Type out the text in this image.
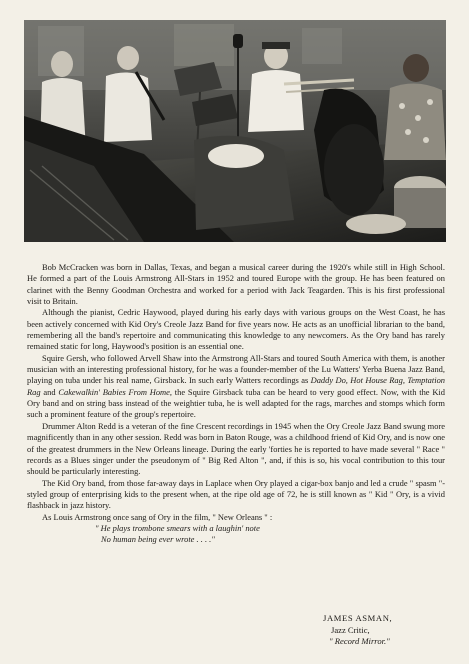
Bob McCracken was born in Dallas, Texas, and began a musical career during the 1920's while still in High School. He formed a part of the Louis Armstrong All-Stars in 1952 and toured Europe with the group. He has been featured on clarinet with the Benny Goodman Orchestra and worked for a period with Jack Teagarden. This is his first professional visit to Britain.

Although the pianist, Cedric Haywood, played during his early days with various groups on the West Coast, he has been actively concerned with Kid Ory's Creole Jazz Band for five years now. He acts as an unofficial librarian to the band, remembering all the band's repertoire and communicating this knowledge to any newcomers. As the Ory band has rarely remained static for long, Haywood's position is an essential one.

Squire Gersh, who followed Arvell Shaw into the Armstrong All-Stars and toured South America with them, is another musician with an interesting professional history, for he was a founder-member of the Lu Watters' Yerba Buena Jazz Band, playing on tuba under his real name, Girsback. In such early Watters recordings as Daddy Do, Hot House Rag, Temptation Rag and Cakewalkin' Babies From Home, the Squire Girsback tuba can be heard to very good effect. Now, with the Kid Ory band and on string bass instead of the weightier tuba, he is well adapted for the rags, marches and stomps which form such a prominent feature of the group's repertoire.

Drummer Alton Redd is a veteran of the fine Crescent recordings in 1945 when the Ory Creole Jazz Band swung more magnificently than in any other session. Redd was born in Baton Rouge, was a childhood friend of Kid Ory, and is now one of the greatest drummers in the New Orleans lineage. During the early 'forties he is reported to have made several " Race " records as a Blues singer under the pseudonym of " Big Red Alton ", and, if this is so, his vocal contribution to this tour should be particularly interesting.

The Kid Ory band, from those far-away days in Laplace when Ory played a cigar-box banjo and led a crude " spasm "-styled group of enterprising kids to the present when, at the ripe old age of 72, he is still known as " Kid " Ory, is a vivid flashback in jazz history.

As Louis Armstrong once sang of Ory in the film, " New Orleans " :

" He plays trombone smears with a laughin' note
No human being ever wrote . . . ."
JAMES ASMAN,
Jazz Critic,
" Record Mirror."
